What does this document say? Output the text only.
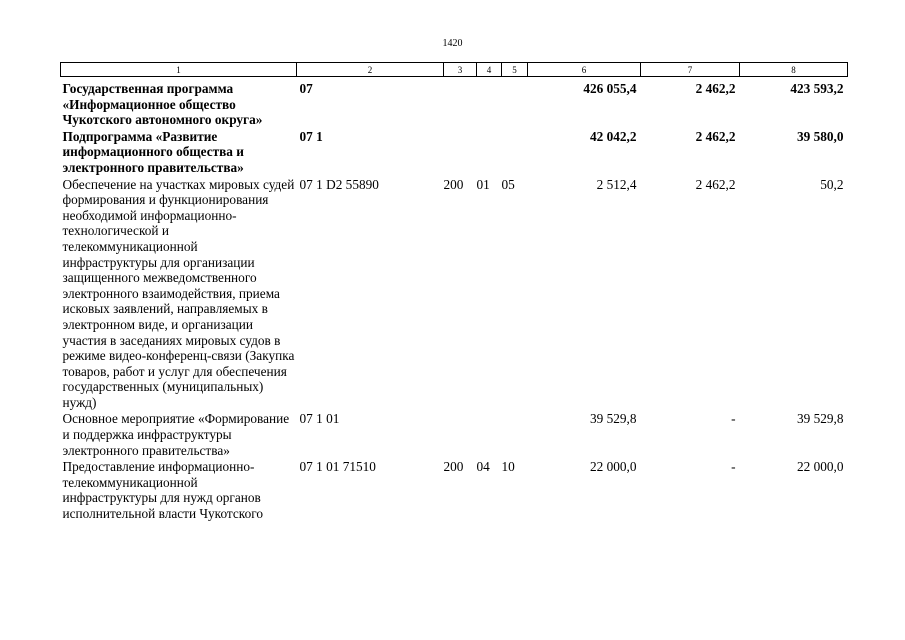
1420
1	2	3	4	5	6	7	8
Государственная программа «Информационное общество Чукотского автономного округа»	07				426 055,4	2 462,2	423 593,2
Подпрограмма «Развитие информационного общества и электронного правительства»	07 1				42 042,2	2 462,2	39 580,0
Обеспечение на участках мировых судей формирования и функционирования необходимой информационно-технологической и телекоммуникационной инфраструктуры для организации защищенного межведомственного электронного взаимодействия, приема исковых заявлений, направляемых в электронном виде, и организации участия в заседаниях мировых судов в режиме видео-конференц-связи (Закупка товаров, работ и услуг для обеспечения государственных (муниципальных) нужд)	07 1 D2 55890	200	01	05	2 512,4	2 462,2	50,2
Основное мероприятие «Формирование и поддержка инфраструктуры электронного правительства»	07 1 01				39 529,8	-	39 529,8
Предоставление информационно-телекоммуникационной инфраструктуры для нужд органов исполнительной власти Чукотского	07 1 01 71510	200	04	10	22 000,0	-	22 000,0
